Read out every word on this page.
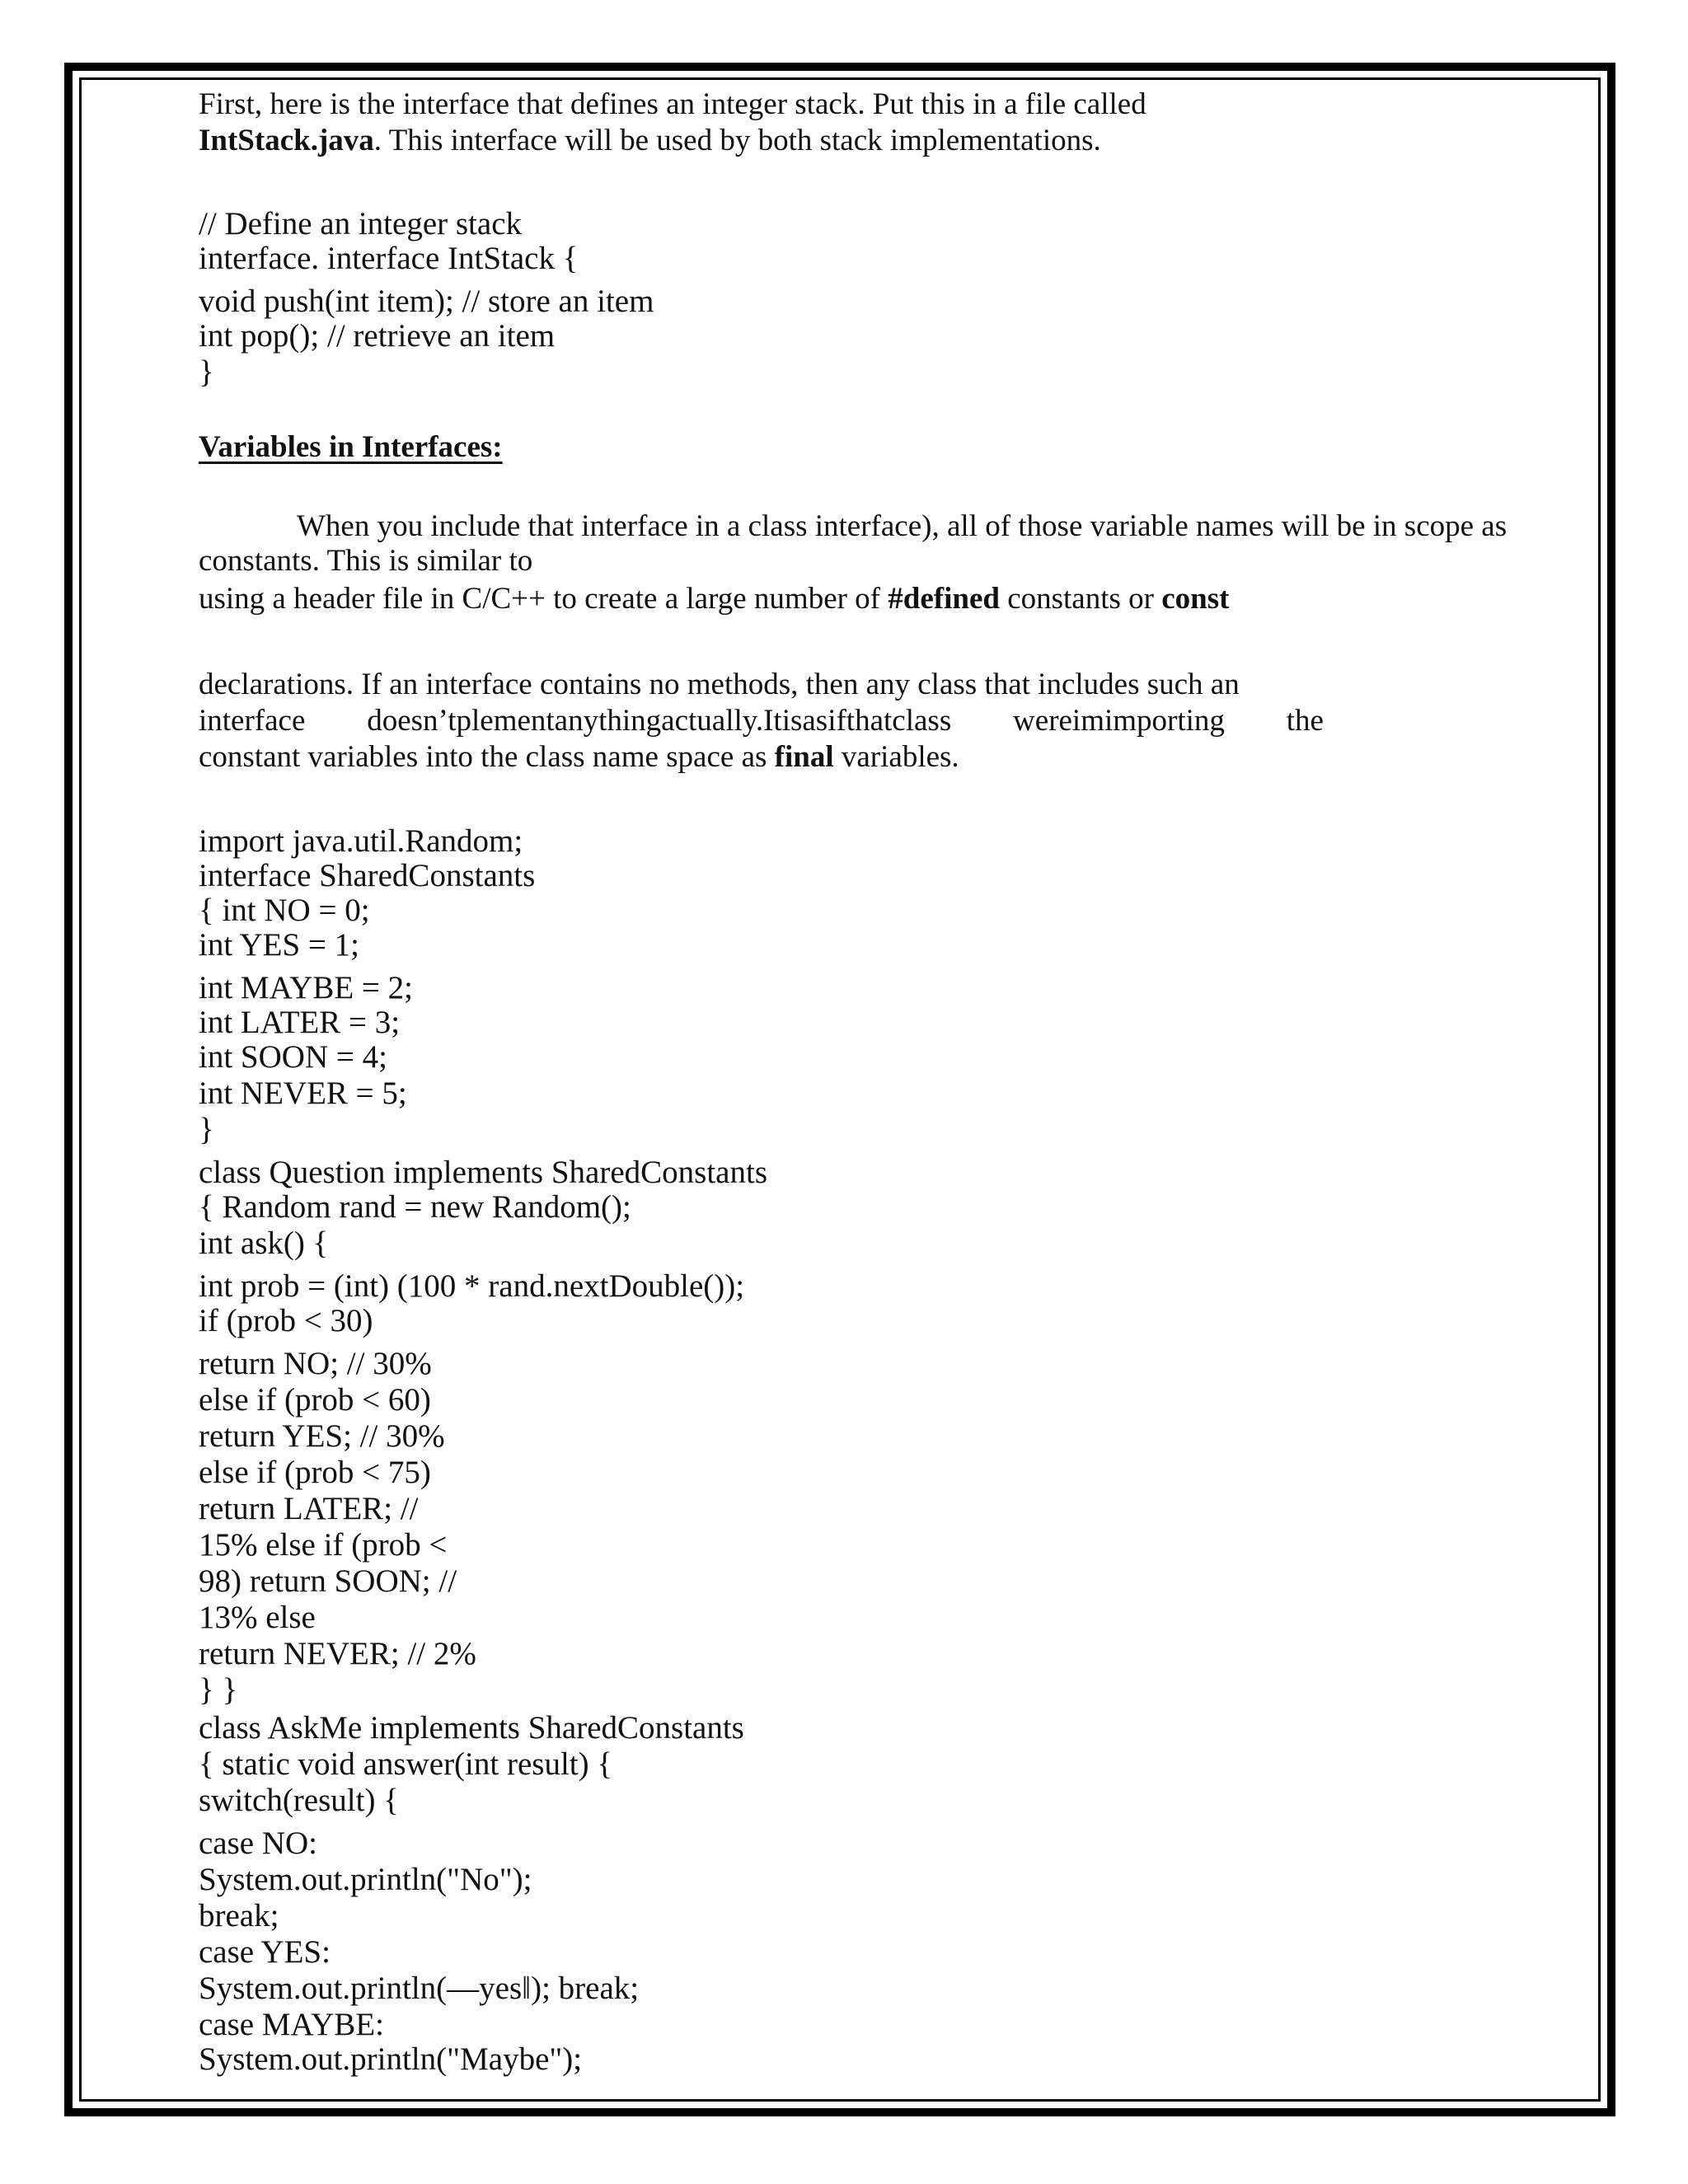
First, here is the interface that defines an integer stack. Put this in a file called
IntStack.java. This interface will be used by both stack implementations.
// Define an integer stack
interface. interface IntStack {
void push(int item); // store an item
int pop(); // retrieve an item
}
Variables in Interfaces:
When you include that interface in a class interface), all of those variable names will be in scope as
constants. This is similar to
using a header file in C/C++ to create a large number of #defined constants or const
declarations. If an interface contains no methods, then any class that includes such an
interface doesn’tplementanythingactually.Itisasifthatclass wereimimporting the
constant variables into the class name space as final variables.
import java.util.Random;
interface SharedConstants
{ int NO = 0;
int YES = 1;
int MAYBE = 2;
int LATER = 3;
int SOON = 4;
int NEVER = 5;
}
class Question implements SharedConstants
{ Random rand = new Random();
int ask() {
int prob = (int) (100 * rand.nextDouble());
if (prob < 30)
return NO; // 30%
else if (prob < 60)
return YES; // 30%
else if (prob < 75)
return LATER; //
15% else if (prob <
98) return SOON; //
13% else
return NEVER; // 2%
} }
class AskMe implements SharedConstants
{ static void answer(int result) {
switch(result) {
case NO:
System.out.println("No");
break;
case YES:
System.out.println(―yes‖); break;
case MAYBE:
System.out.println("Maybe");
